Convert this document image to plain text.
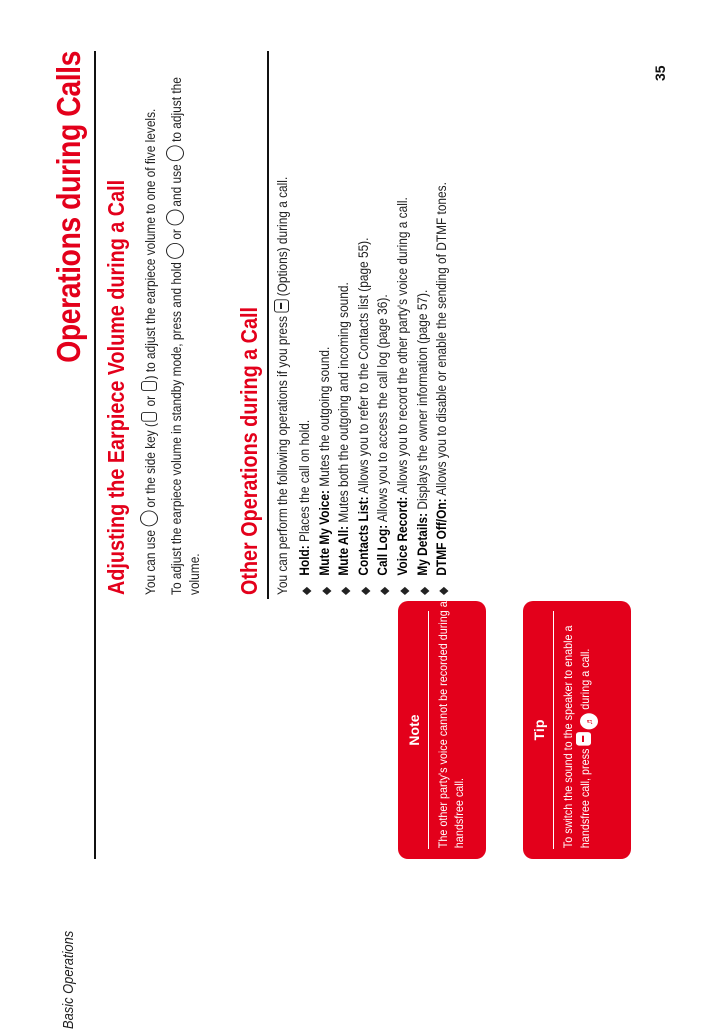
Operations during Calls
Basic Operations
35
Tip To switch the sound to the speaker to enable a handsfree call, press  ♬ during a call.
Note The other party's voice cannot be recorded during a handsfree call.
Adjusting the Earpiece Volume during a Call You can use  or the side key ( or ) to adjust the earpiece volume to one of five levels.
To adjust the earpiece volume in standby mode, press and hold  or  and use  to adjust the volume. Other Operations during a Call You can perform the following operations if you press  (Options) during a call.
◆ Hold: Places the call on hold.
◆ Mute My Voice: Mutes the outgoing sound.
◆ Mute All: Mutes both the outgoing and incoming sound.
◆ Contacts List: Allows you to refer to the Contacts list (page 55).
◆ Call Log: Allows you to access the call log (page 36).
◆ Voice Record: Allows you to record the other party's voice during a call.
◆ My Details: Displays the owner information (page 57).
◆ DTMF Off/On: Allows you to disable or enable the sending of DTMF tones.
